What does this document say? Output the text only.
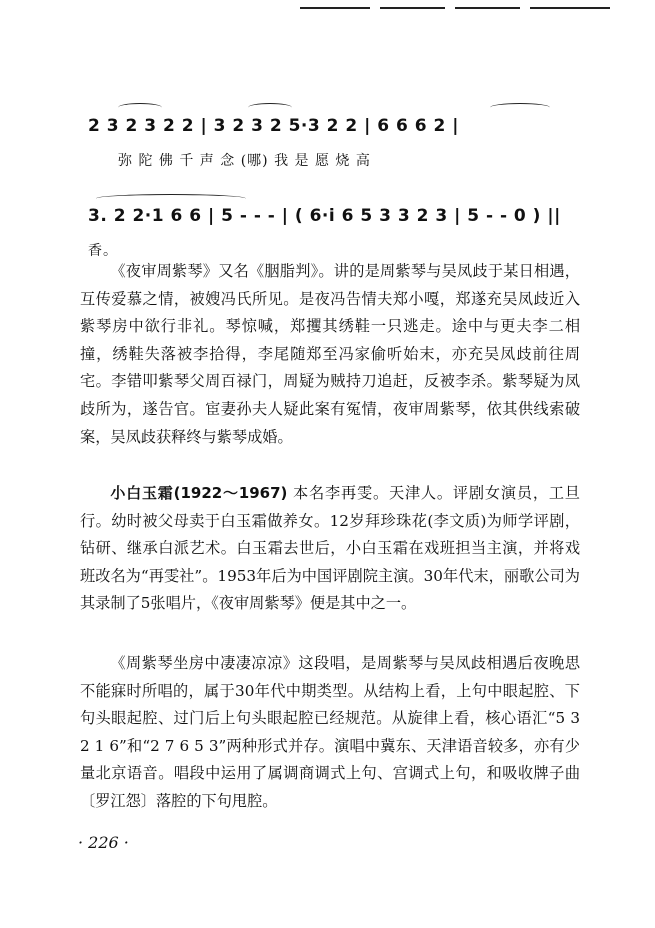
2 3 2 3 2 2 | 3 2 3 2 5·3 2 2 | 6 6 6 2 |
弥 陀 佛 千 声 念 (哪) 我 是 愿 烧 高
3. 2 2·1 6 6 | 5 - - - | ( 6·i 6 5 3 3 2 3 | 5 - - 0 ) ||
香。

《夜审周紫琴》又名《胭脂判》。讲的是周紫琴与吴凤歧于某日相遇，互传爱慕之情，被嫂冯氏所见。是夜冯告情夫郑小嘎，郑遂充吴凤歧近入紫琴房中欲行非礼。琴惊喊，郑攫其绣鞋一只逃走。途中与更夫李二相撞，绣鞋失落被李拾得，李尾随郑至冯家偷听始末，亦充吴凤歧前往周宅。李错叩紫琴父周百禄门，周疑为贼持刀追赶，反被李杀。紫琴疑为凤歧所为，遂告官。宦妻孙夫人疑此案有冤情，夜审周紫琴，依其供线索破案，吴凤歧获释终与紫琴成婚。

小白玉霜(1922～1967) 本名李再雯。天津人。评剧女演员，工旦行。幼时被父母卖于白玉霜做养女。12岁拜珍珠花(李文质)为师学评剧，钻研、继承白派艺术。白玉霜去世后，小白玉霜在戏班担当主演，并将戏班改名为“再雯社”。1953年后为中国评剧院主演。30年代末，丽歌公司为其录制了5张唱片，《夜审周紫琴》便是其中之一。

《周紫琴坐房中凄凄凉凉》这段唱，是周紫琴与吴凤歧相遇后夜晚思不能寐时所唱的，属于30年代中期类型。从结构上看，上句中眼起腔、下句头眼起腔、过门后上句头眼起腔已经规范。从旋律上看，核心语汇“5 3 2 1 6”和“2 7 6 5 3”两种形式并存。演唱中冀东、天津语音较多，亦有少量北京语音。唱段中运用了属调商调式上句、宫调式上句，和吸收牌子曲〔罗江怨〕落腔的下句甩腔。

· 226 ·
